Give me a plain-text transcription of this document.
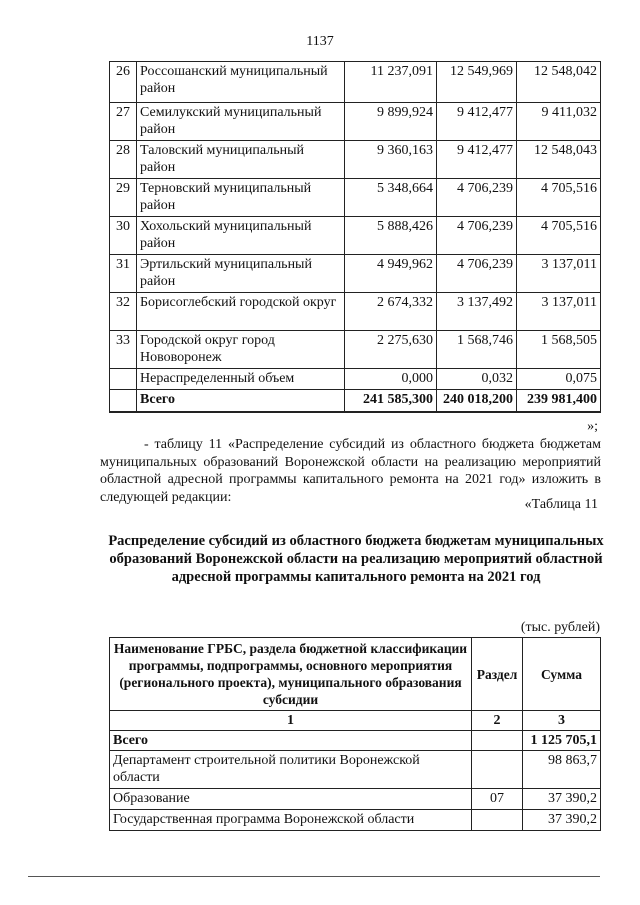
1137
26	Россошанский муниципальный район	11 237,091	12 549,969	12 548,042
27	Семилукский муниципальный район	9 899,924	9 412,477	9 411,032
28	Таловский муниципальный район	9 360,163	9 412,477	12 548,043
29	Терновский муниципальный район	5 348,664	4 706,239	4 705,516
30	Хохольский муниципальный район	5 888,426	4 706,239	4 705,516
31	Эртильский муниципальный район	4 949,962	4 706,239	3 137,011
32	Борисоглебский городской округ	2 674,332	3 137,492	3 137,011
33	Городской округ город Нововоронеж	2 275,630	1 568,746	1 568,505
	Нераспределенный объем	0,000	0,032	0,075
	Всего	241 585,300	240 018,200	239 981,400
»;
- таблицу 11 «Распределение субсидий из областного бюджета бюджетам муниципальных образований Воронежской области на реализацию мероприятий областной адресной программы капитального ремонта на 2021 год» изложить в следующей редакции:	«Таблица 11
Распределение субсидий из областного бюджета бюджетам муниципальных образований Воронежской области на реализацию мероприятий областной адресной программы капитального ремонта на 2021 год
(тыс. рублей)
Наименование ГРБС, раздела бюджетной классификации программы, подпрограммы, основного мероприятия (регионального проекта), муниципального образования субсидии	Раздел	Сумма
1	2	3
Всего		1 125 705,1
Департамент строительной политики Воронежской области		98 863,7
Образование	07	37 390,2
Государственная программа Воронежской области		37 390,2
